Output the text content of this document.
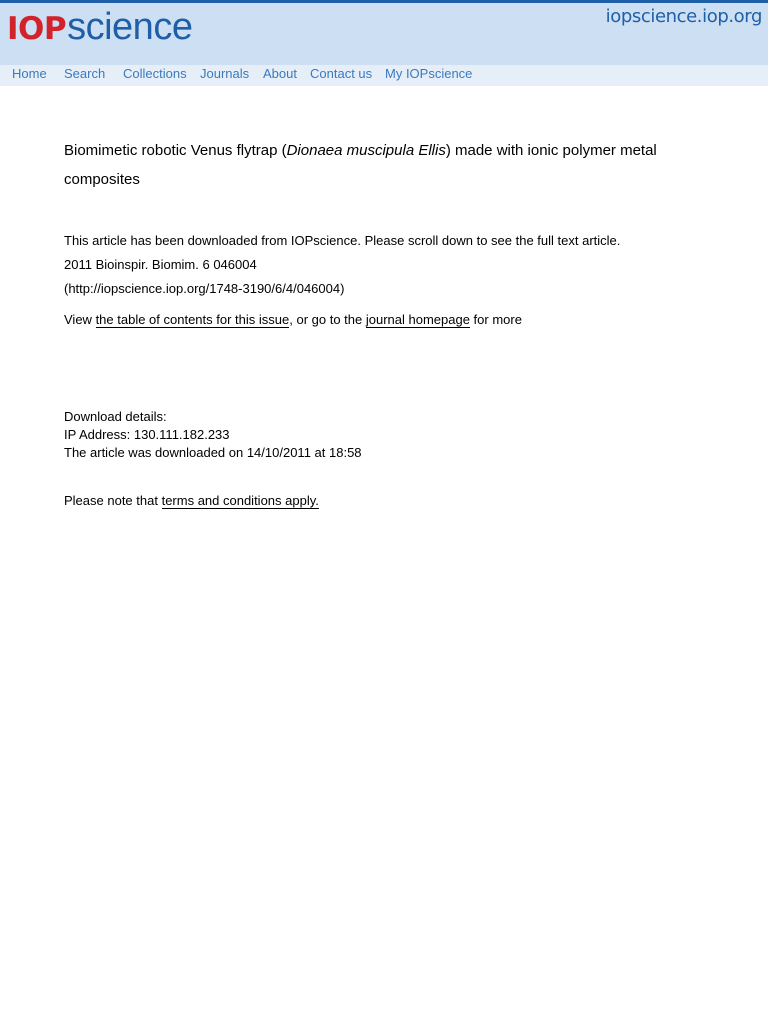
IOP science	iopscience.iop.org
Home Search Collections Journals About Contact us My IOPscience
Biomimetic robotic Venus flytrap (Dionaea muscipula Ellis) made with ionic polymer metal composites
This article has been downloaded from IOPscience. Please scroll down to see the full text article.
2011 Bioinspir. Biomim. 6 046004
(http://iopscience.iop.org/1748-3190/6/4/046004)
View the table of contents for this issue, or go to the journal homepage for more
Download details:
IP Address: 130.111.182.233
The article was downloaded on 14/10/2011 at 18:58
Please note that terms and conditions apply.
